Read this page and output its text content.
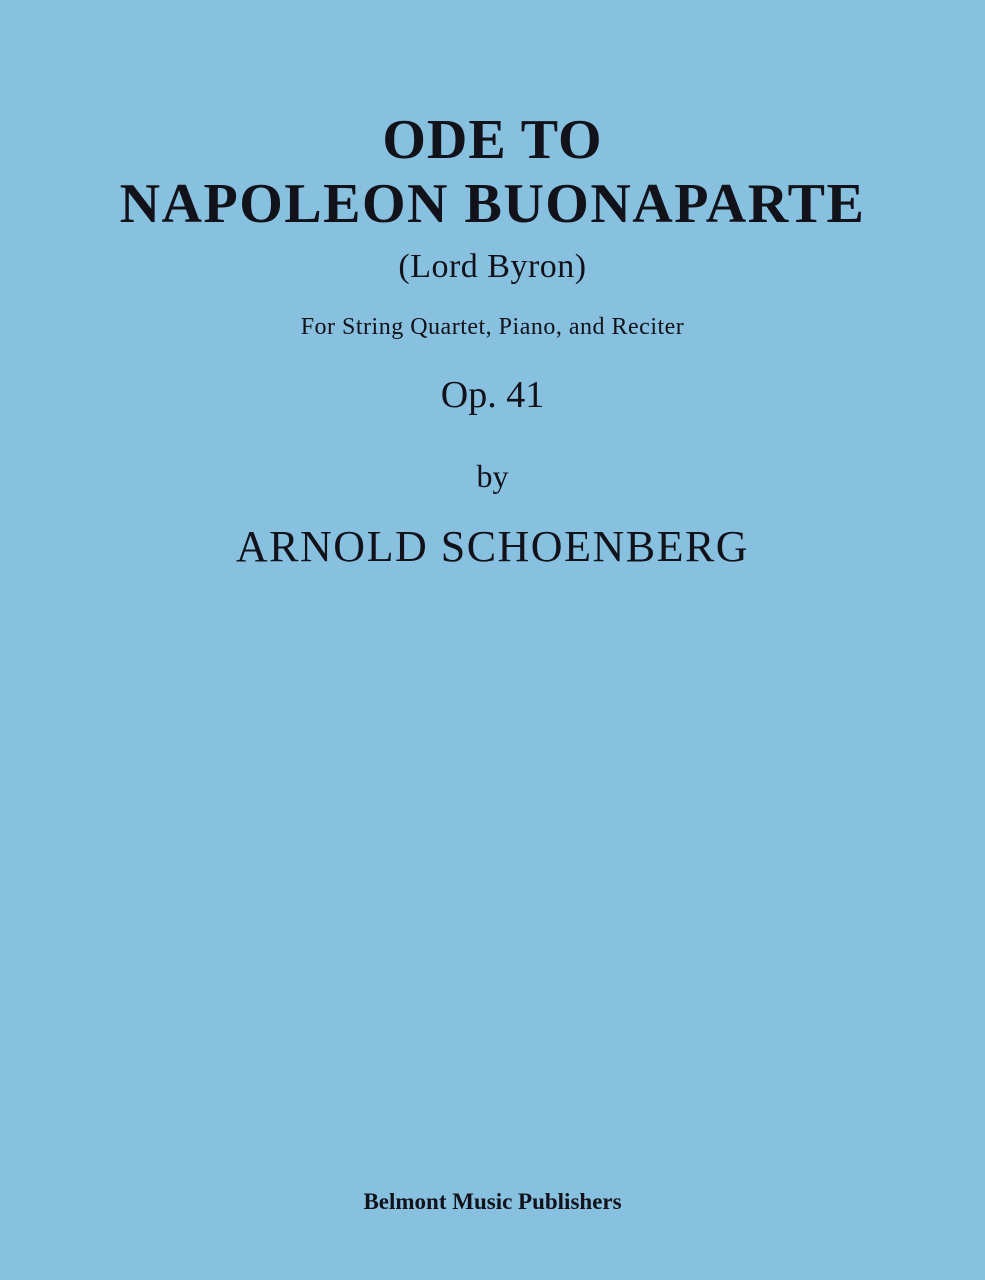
ODE TO
NAPOLEON BUONAPARTE
(Lord Byron)
For String Quartet, Piano, and Reciter
Op. 41
by
ARNOLD SCHOENBERG
Belmont Music Publishers
